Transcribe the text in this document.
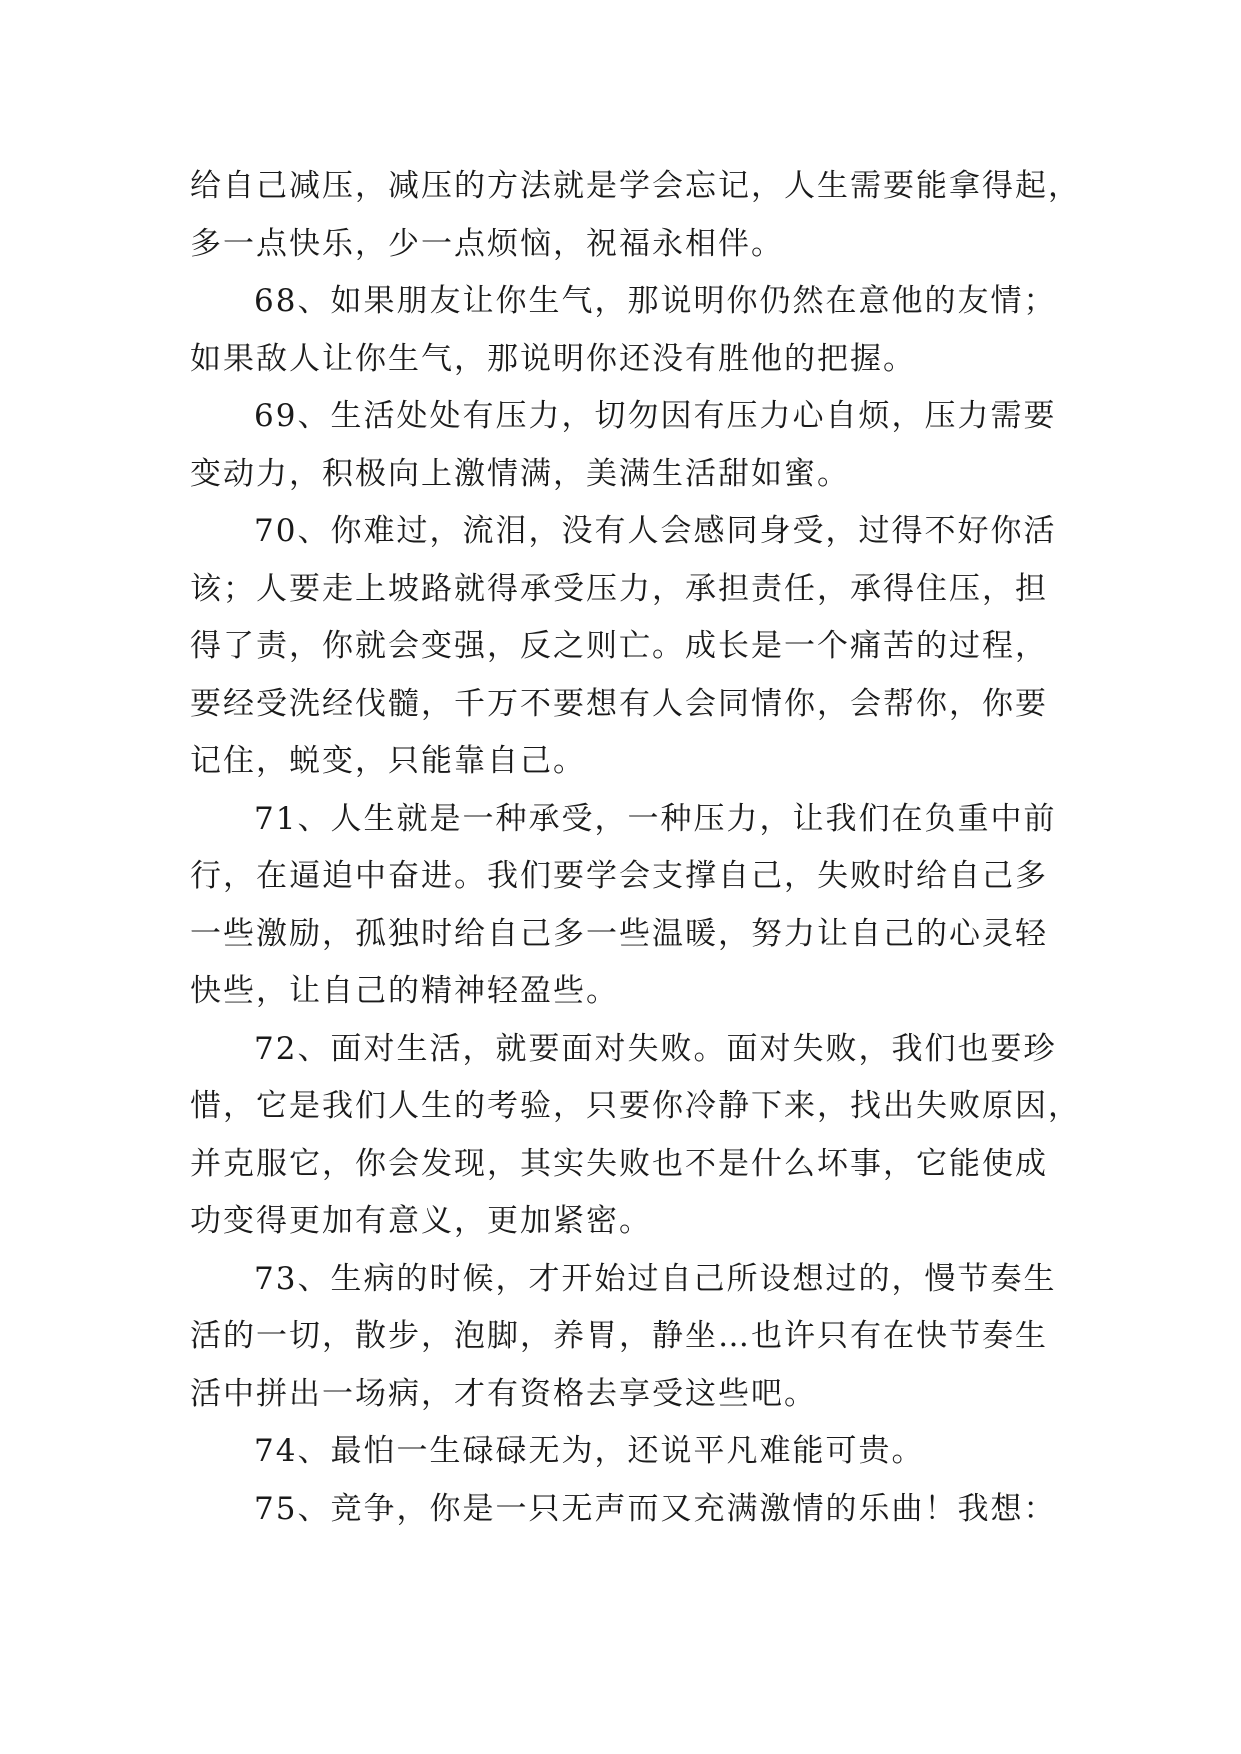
给自己减压，减压的方法就是学会忘记，人生需要能拿得起，
多一点快乐，少一点烦恼，祝福永相伴。
68、如果朋友让你生气，那说明你仍然在意他的友情；
如果敌人让你生气，那说明你还没有胜他的把握。
69、生活处处有压力，切勿因有压力心自烦，压力需要
变动力，积极向上激情满，美满生活甜如蜜。
70、你难过，流泪，没有人会感同身受，过得不好你活
该；人要走上坡路就得承受压力，承担责任，承得住压，担
得了责，你就会变强，反之则亡。成长是一个痛苦的过程，
要经受洗经伐髓，千万不要想有人会同情你，会帮你，你要
记住，蜕变，只能靠自己。
71、人生就是一种承受，一种压力，让我们在负重中前
行，在逼迫中奋进。我们要学会支撑自己，失败时给自己多
一些激励，孤独时给自己多一些温暖，努力让自己的心灵轻
快些，让自己的精神轻盈些。
72、面对生活，就要面对失败。面对失败，我们也要珍
惜，它是我们人生的考验，只要你冷静下来，找出失败原因，
并克服它，你会发现，其实失败也不是什么坏事，它能使成
功变得更加有意义，更加紧密。
73、生病的时候，才开始过自己所设想过的，慢节奏生
活的一切，散步，泡脚，养胃，静坐…也许只有在快节奏生
活中拼出一场病，才有资格去享受这些吧。
74、最怕一生碌碌无为，还说平凡难能可贵。
75、竞争，你是一只无声而又充满激情的乐曲！我想：
